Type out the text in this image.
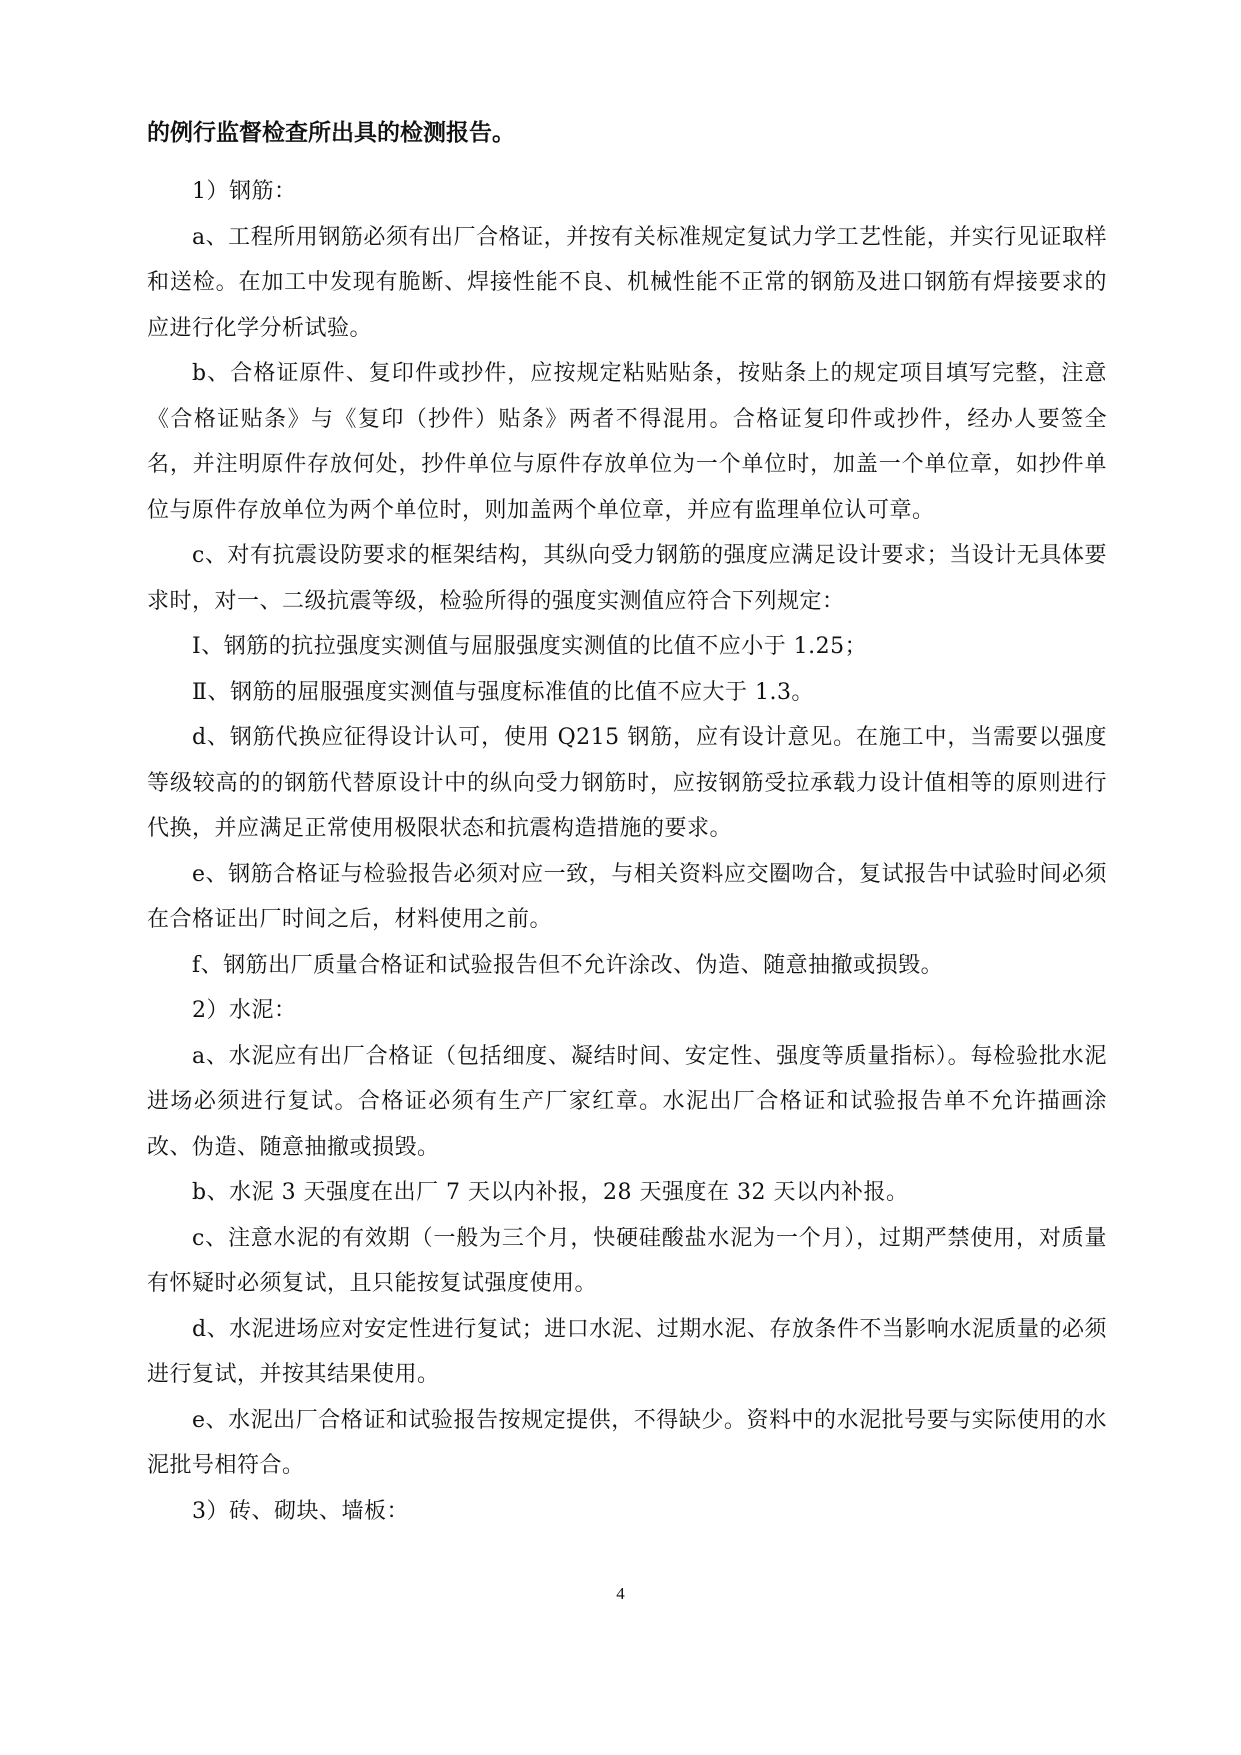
的例行监督检查所出具的检测报告。

1）钢筋：

a、工程所用钢筋必须有出厂合格证，并按有关标准规定复试力学工艺性能，并实行见证取样和送检。在加工中发现有脆断、焊接性能不良、机械性能不正常的钢筋及进口钢筋有焊接要求的应进行化学分析试验。

b、合格证原件、复印件或抄件，应按规定粘贴贴条，按贴条上的规定项目填写完整，注意《合格证贴条》与《复印（抄件）贴条》两者不得混用。合格证复印件或抄件，经办人要签全名，并注明原件存放何处，抄件单位与原件存放单位为一个单位时，加盖一个单位章，如抄件单位与原件存放单位为两个单位时，则加盖两个单位章，并应有监理单位认可章。

c、对有抗震设防要求的框架结构，其纵向受力钢筋的强度应满足设计要求；当设计无具体要求时，对一、二级抗震等级，检验所得的强度实测值应符合下列规定：

Ⅰ、钢筋的抗拉强度实测值与屈服强度实测值的比值不应小于 1.25；

Ⅱ、钢筋的屈服强度实测值与强度标准值的比值不应大于 1.3。

d、钢筋代换应征得设计认可，使用 Q215 钢筋，应有设计意见。在施工中，当需要以强度等级较高的的钢筋代替原设计中的纵向受力钢筋时，应按钢筋受拉承载力设计值相等的原则进行代换，并应满足正常使用极限状态和抗震构造措施的要求。

e、钢筋合格证与检验报告必须对应一致，与相关资料应交圈吻合，复试报告中试验时间必须在合格证出厂时间之后，材料使用之前。

f、钢筋出厂质量合格证和试验报告但不允许涂改、伪造、随意抽撤或损毁。

2）水泥：

a、水泥应有出厂合格证（包括细度、凝结时间、安定性、强度等质量指标）。每检验批水泥进场必须进行复试。合格证必须有生产厂家红章。水泥出厂合格证和试验报告单不允许描画涂改、伪造、随意抽撤或损毁。

b、水泥 3 天强度在出厂 7 天以内补报，28 天强度在 32 天以内补报。

c、注意水泥的有效期（一般为三个月，快硬硅酸盐水泥为一个月），过期严禁使用，对质量有怀疑时必须复试，且只能按复试强度使用。

d、水泥进场应对安定性进行复试；进口水泥、过期水泥、存放条件不当影响水泥质量的必须进行复试，并按其结果使用。

e、水泥出厂合格证和试验报告按规定提供，不得缺少。资料中的水泥批号要与实际使用的水泥批号相符合。

3）砖、砌块、墙板：

4
